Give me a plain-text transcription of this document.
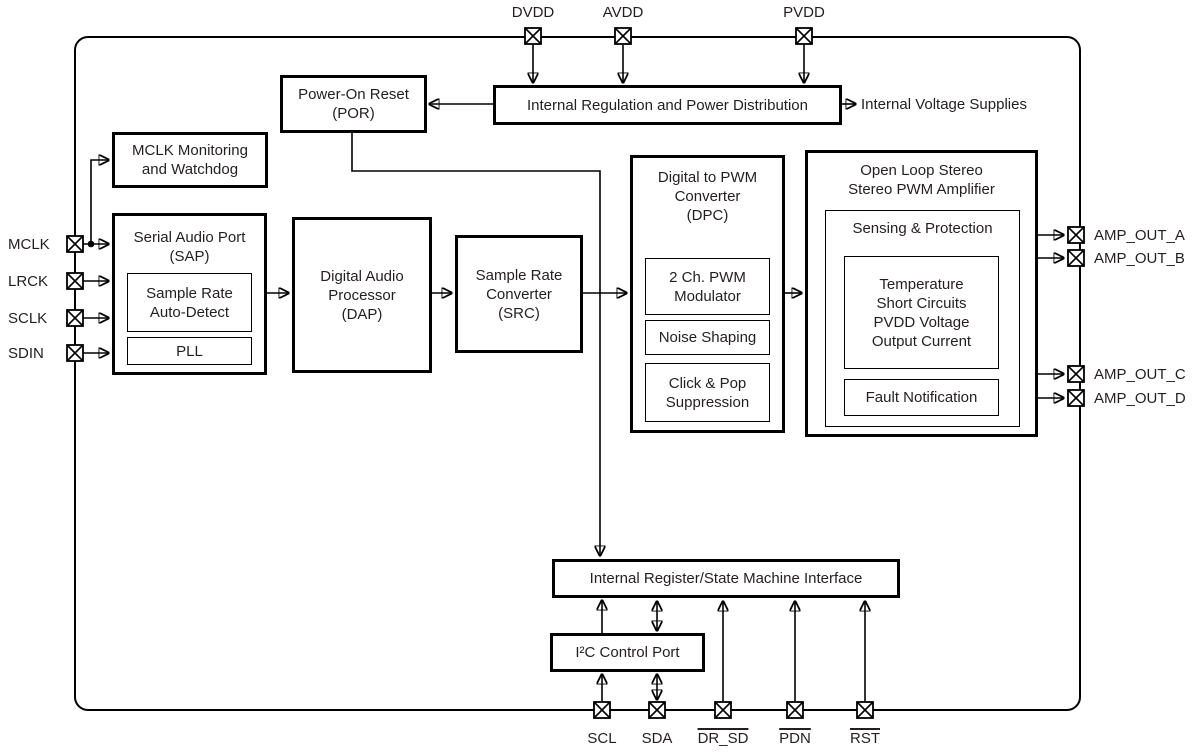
Internal Regulation and Power Distribution
Power-On Reset
(POR)
MCLK Monitoring
and Watchdog
Serial Audio Port
(SAP)
Sample Rate
Auto-Detect
PLL
Digital Audio
Processor
(DAP)
Sample Rate
Converter
(SRC)
Digital to PWM
Converter
(DPC)
2 Ch. PWM
Modulator
Noise Shaping
Click & Pop
Suppression
Open Loop Stereo
Stereo PWM Amplifier
Sensing & Protection
Temperature
Short Circuits
PVDD Voltage
Output Current
Fault Notification
Internal Register/State Machine Interface
I²C Control Port
DVDD	AVDD	PVDD
MCLK
LRCK
SCLK
SDIN
AMP_OUT_A
AMP_OUT_B
AMP_OUT_C
AMP_OUT_D
SCL	SDA	DR_SD	$\overline{PDN}$	$\overline{RST}$
Internal Voltage Supplies
